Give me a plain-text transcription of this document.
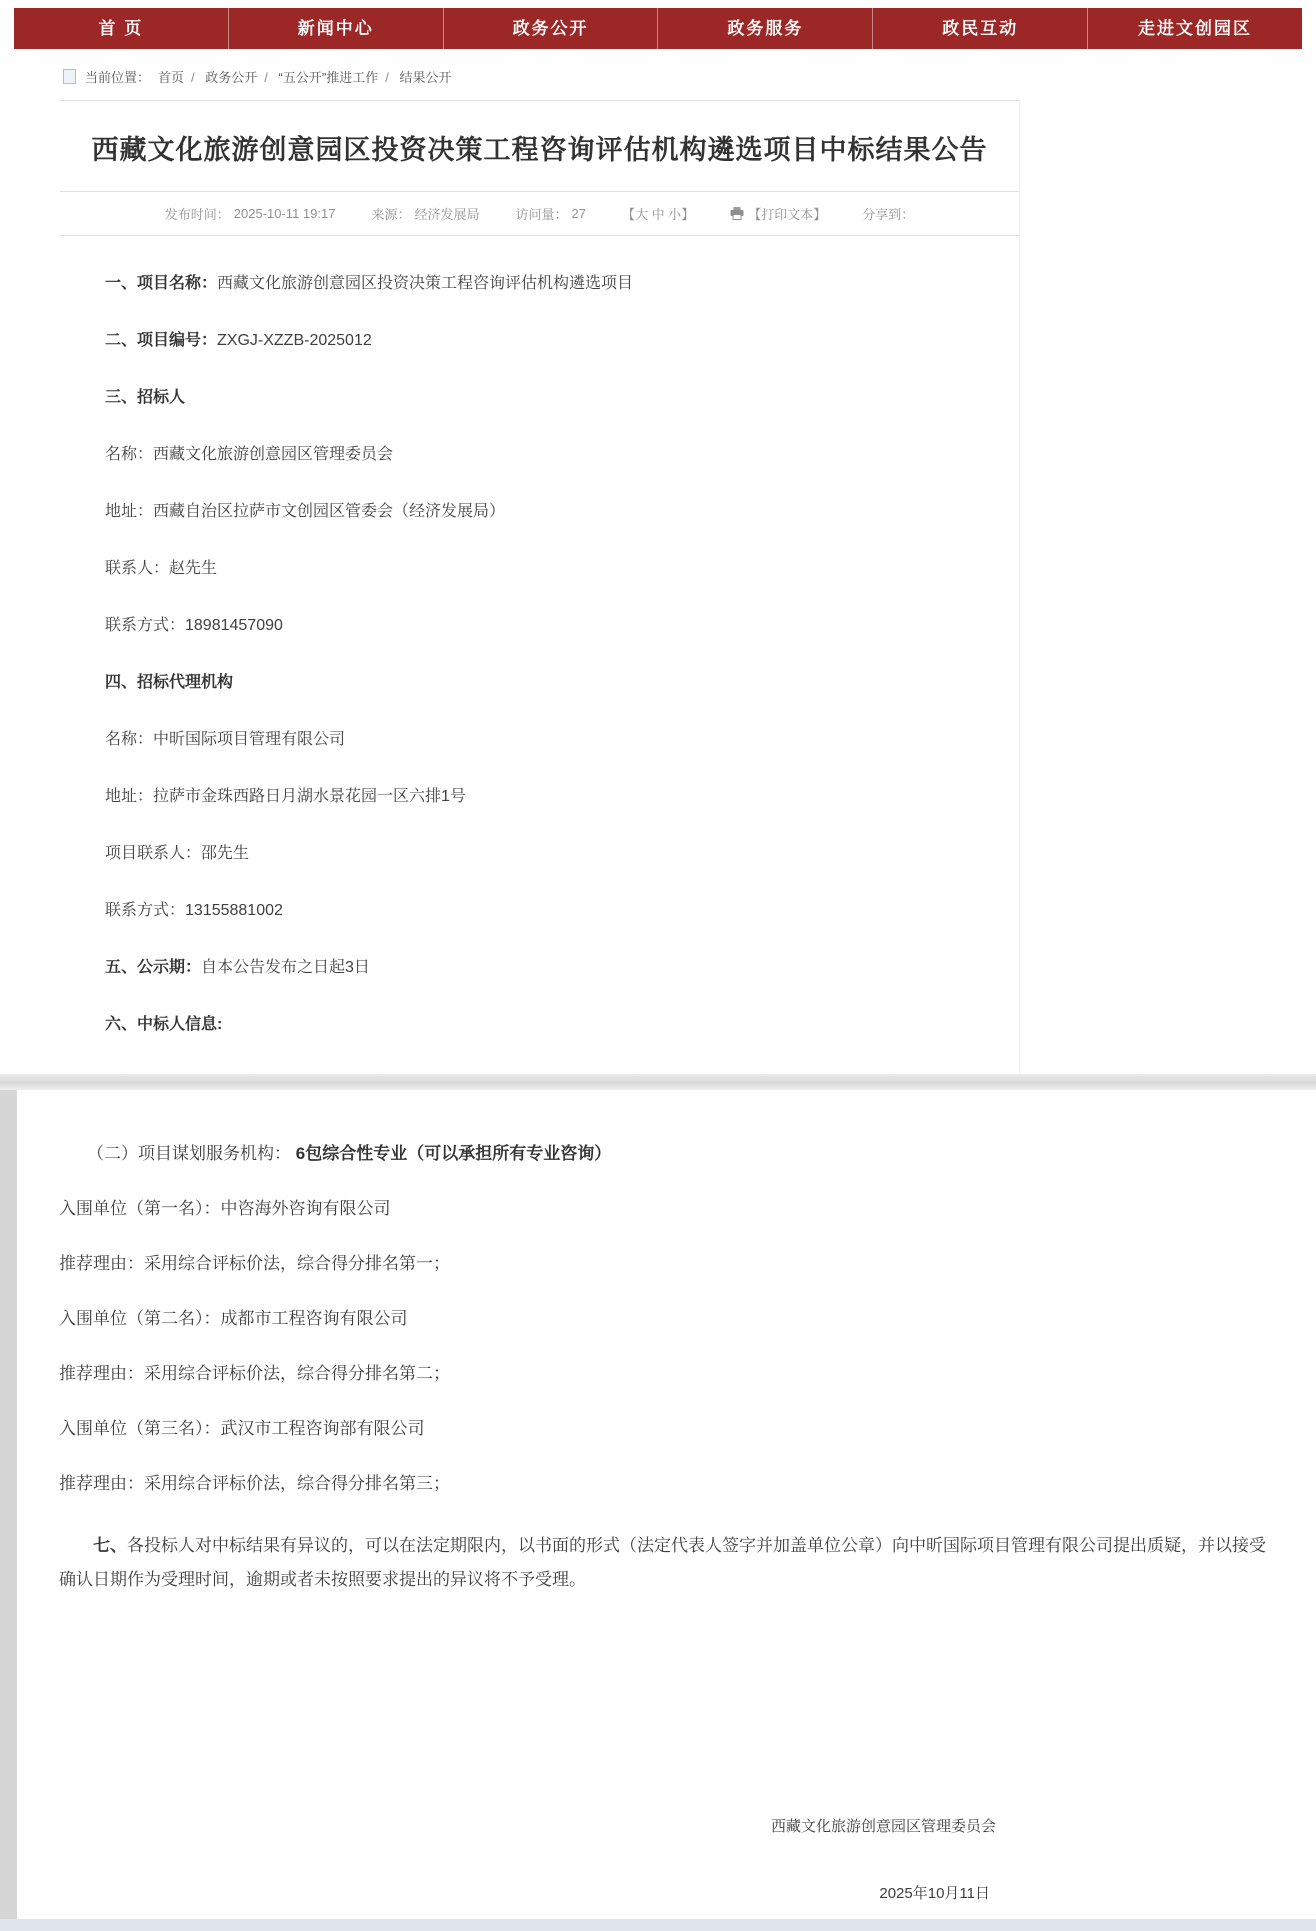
首 页	新闻中心	政务公开	政务服务	政民互动	走进文创园区
当前位置： 首页 / 政务公开 / “五公开”推进工作 / 结果公开
西藏文化旅游创意园区投资决策工程咨询评估机构遴选项目中标结果公告
发布时间： 2025-10-11 19:17	来源： 经济发展局	访问量： 27	【大 中 小】	【打印文本】	分享到：

一、项目名称：西藏文化旅游创意园区投资决策工程咨询评估机构遴选项目

二、项目编号：ZXGJ-XZZB-2025012

三、招标人

名称：西藏文化旅游创意园区管理委员会

地址：西藏自治区拉萨市文创园区管委会（经济发展局）

联系人：赵先生

联系方式：18981457090

四、招标代理机构

名称：中昕国际项目管理有限公司

地址：拉萨市金珠西路日月湖水景花园一区六排1号

项目联系人：邵先生

联系方式：13155881002

五、公示期：自本公告发布之日起3日

六、中标人信息:

（二）项目谋划服务机构： 6包综合性专业（可以承担所有专业咨询）

入围单位（第一名）：中咨海外咨询有限公司

推荐理由：采用综合评标价法，综合得分排名第一；

入围单位（第二名）：成都市工程咨询有限公司

推荐理由：采用综合评标价法，综合得分排名第二；

入围单位（第三名）：武汉市工程咨询部有限公司

推荐理由：采用综合评标价法，综合得分排名第三；

七、各投标人对中标结果有异议的，可以在法定期限内，以书面的形式（法定代表人签字并加盖单位公章）向中昕国际项目管理有限公司提出质疑，并以接受确认日期作为受理时间，逾期或者未按照要求提出的异议将不予受理。

西藏文化旅游创意园区管理委员会
2025年10月11日
